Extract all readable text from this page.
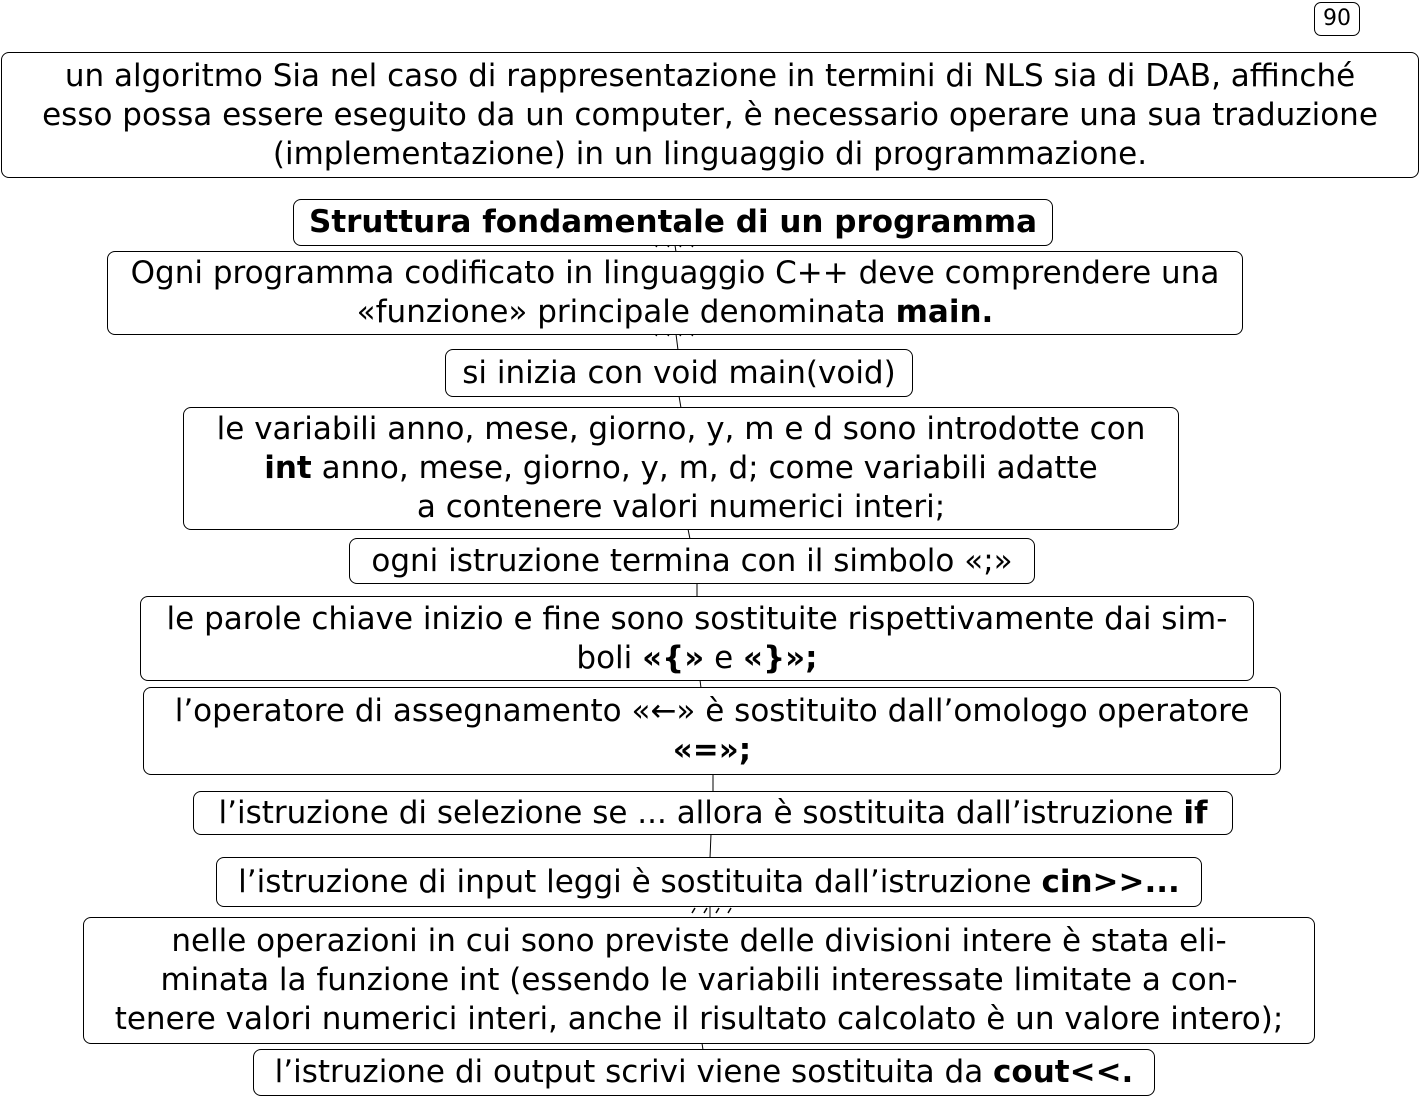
90

un algoritmo Sia nel caso di rappresentazione in termini di NLS sia di DAB, affinché

esso possa essere eseguito da un computer, è necessario operare una sua traduzione

(implementazione) in un linguaggio di programmazione.

Struttura fondamentale di un programma

Ogni programma codificato in linguaggio C++ deve comprendere una

«funzione» principale denominata main.

si inizia con void main(void)

le variabili anno, mese, giorno, y, m e d sono introdotte con

int anno, mese, giorno, y, m, d; come variabili adatte

a contenere valori numerici interi;

ogni istruzione termina con il simbolo «;»

le parole chiave inizio e fine sono sostituite rispettivamente dai sim-

boli «{» e «}»;

l’operatore di assegnamento «←» è sostituito dall’omologo operatore

«=»;

l’istruzione di selezione se ... allora è sostituita dall’istruzione if

l’istruzione di input leggi è sostituita dall’istruzione cin>>...

nelle operazioni in cui sono previste delle divisioni intere è stata eli-

minata la funzione int (essendo le variabili interessate limitate a con-

tenere valori numerici interi, anche il risultato calcolato è un valore intero);

l’istruzione di output scrivi viene sostituita da cout<<.
